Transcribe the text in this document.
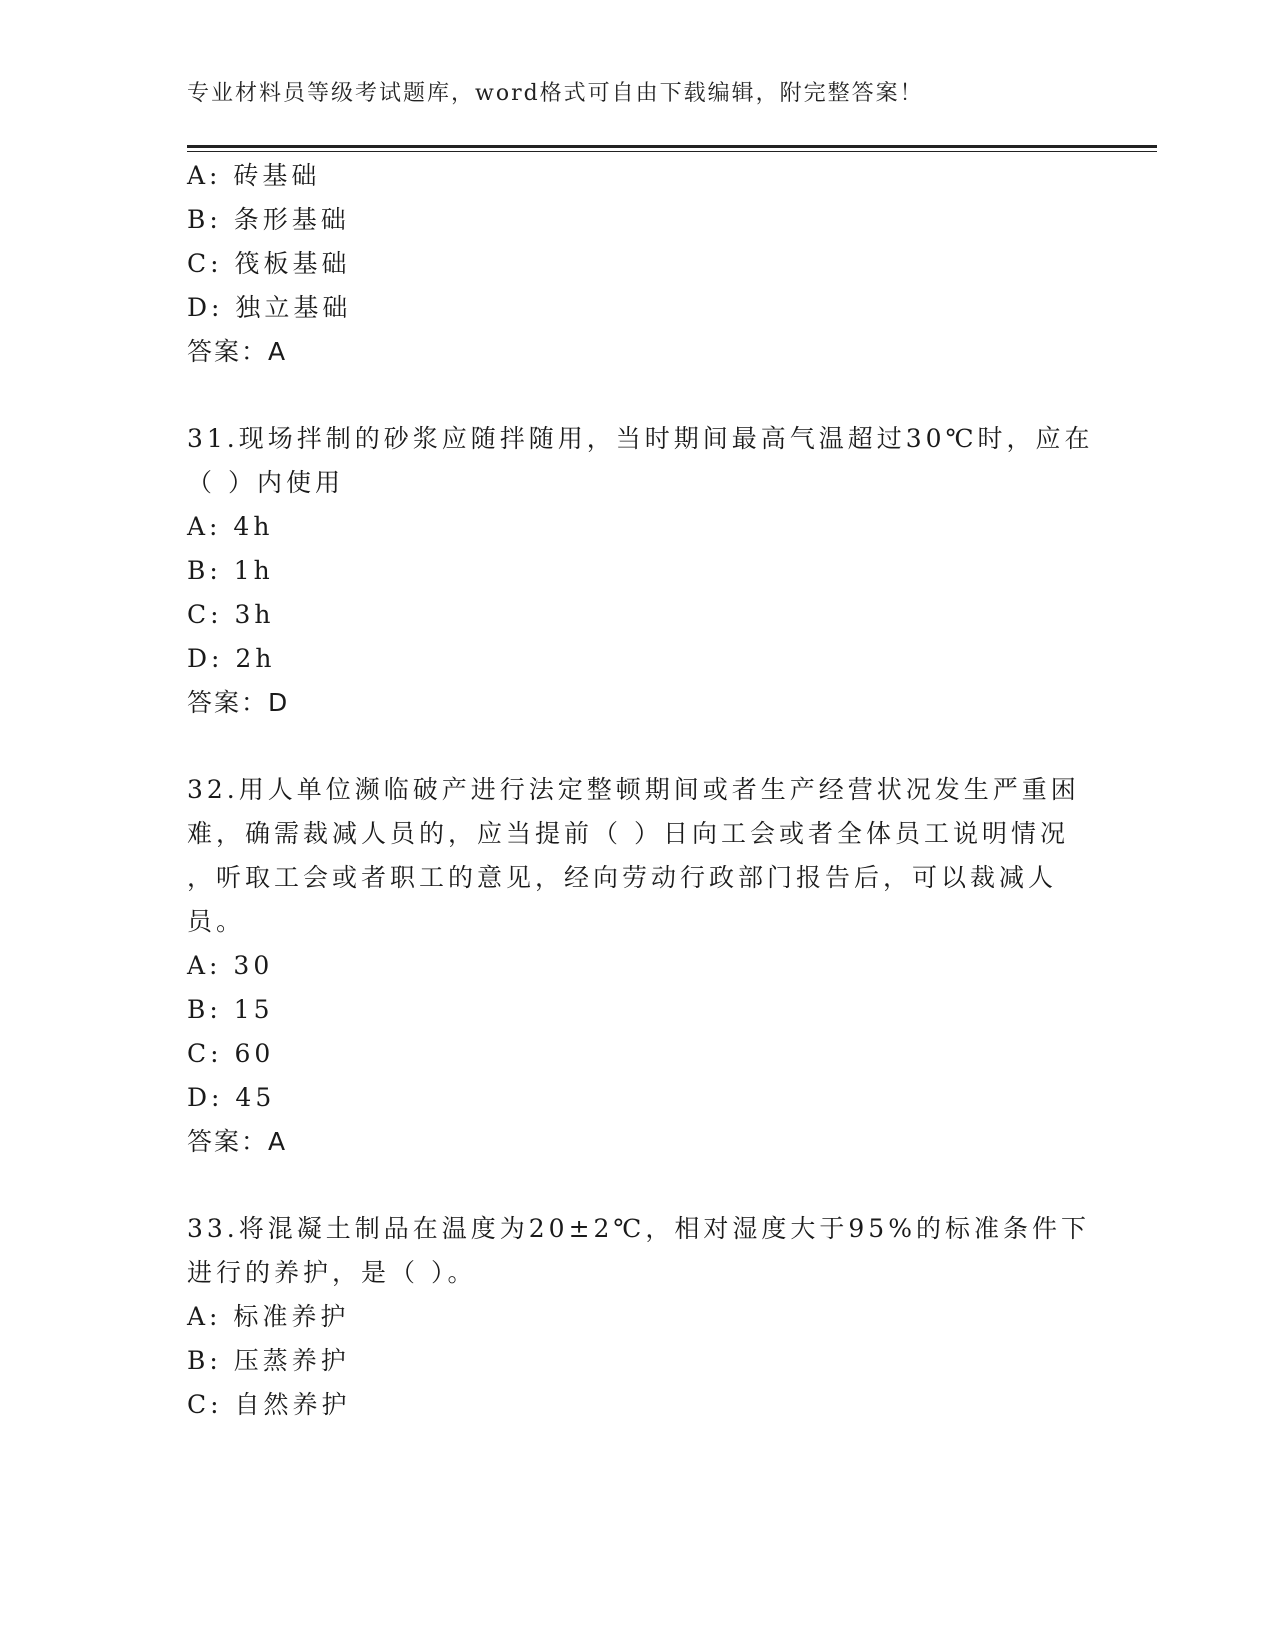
专业材料员等级考试题库，word格式可自由下载编辑，附完整答案！
A: 砖基础
B: 条形基础
C: 筏板基础
D: 独立基础
答案：A
31.现场拌制的砂浆应随拌随用，当时期间最高气温超过30℃时，应在
（ ）内使用
A: 4h
B: 1h
C: 3h
D: 2h
答案：D
32.用人单位濒临破产进行法定整顿期间或者生产经营状况发生严重困
难，确需裁减人员的，应当提前（ ）日向工会或者全体员工说明情况
，听取工会或者职工的意见，经向劳动行政部门报告后，可以裁减人
员。
A: 30
B: 15
C: 60
D: 45
答案：A
33.将混凝土制品在温度为20±2℃，相对湿度大于95%的标准条件下
进行的养护，是（ ）。
A: 标准养护
B: 压蒸养护
C: 自然养护
